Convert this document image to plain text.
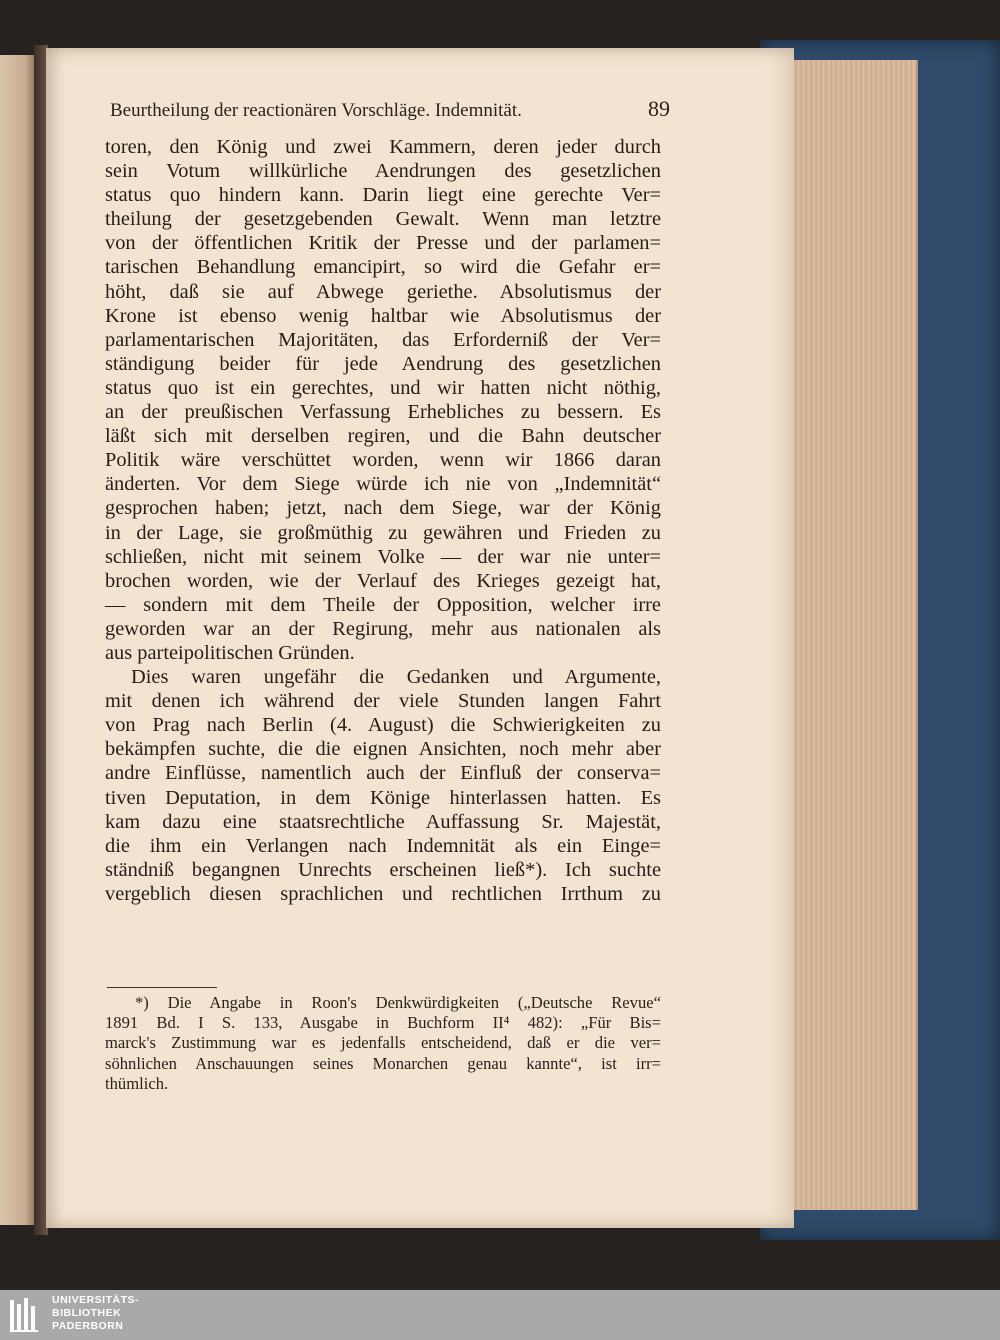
Beurtheilung der reactionären Vorschläge. Indemnität.	89
toren, den König und zwei Kammern, deren jeder durch
sein Votum willkürliche Aendrungen des gesetzlichen
status quo hindern kann. Darin liegt eine gerechte Ver=
theilung der gesetzgebenden Gewalt. Wenn man letztre
von der öffentlichen Kritik der Presse und der parlamen=
tarischen Behandlung emancipirt, so wird die Gefahr er=
höht, daß sie auf Abwege geriethe. Absolutismus der
Krone ist ebenso wenig haltbar wie Absolutismus der
parlamentarischen Majoritäten, das Erforderniß der Ver=
ständigung beider für jede Aendrung des gesetzlichen
status quo ist ein gerechtes, und wir hatten nicht nöthig,
an der preußischen Verfassung Erhebliches zu bessern. Es
läßt sich mit derselben regiren, und die Bahn deutscher
Politik wäre verschüttet worden, wenn wir 1866 daran
änderten. Vor dem Siege würde ich nie von „Indemnität“
gesprochen haben; jetzt, nach dem Siege, war der König
in der Lage, sie großmüthig zu gewähren und Frieden zu
schließen, nicht mit seinem Volke — der war nie unter=
brochen worden, wie der Verlauf des Krieges gezeigt hat,
— sondern mit dem Theile der Opposition, welcher irre
geworden war an der Regirung, mehr aus nationalen als
aus parteipolitischen Gründen.
Dies waren ungefähr die Gedanken und Argumente,
mit denen ich während der viele Stunden langen Fahrt
von Prag nach Berlin (4. August) die Schwierigkeiten zu
bekämpfen suchte, die die eignen Ansichten, noch mehr aber
andre Einflüsse, namentlich auch der Einfluß der conserva=
tiven Deputation, in dem Könige hinterlassen hatten. Es
kam dazu eine staatsrechtliche Auffassung Sr. Majestät,
die ihm ein Verlangen nach Indemnität als ein Einge=
ständniß begangnen Unrechts erscheinen ließ*). Ich suchte
vergeblich diesen sprachlichen und rechtlichen Irrthum zu
*) Die Angabe in Roon's Denkwürdigkeiten („Deutsche Revue“
1891 Bd. I S. 133, Ausgabe in Buchform II⁴ 482): „Für Bis=
marck's Zustimmung war es jedenfalls entscheidend, daß er die ver=
söhnlichen Anschauungen seines Monarchen genau kannte“, ist irr=
thümlich.
UNIVERSITÄTS-
BIBLIOTHEK
PADERBORN
